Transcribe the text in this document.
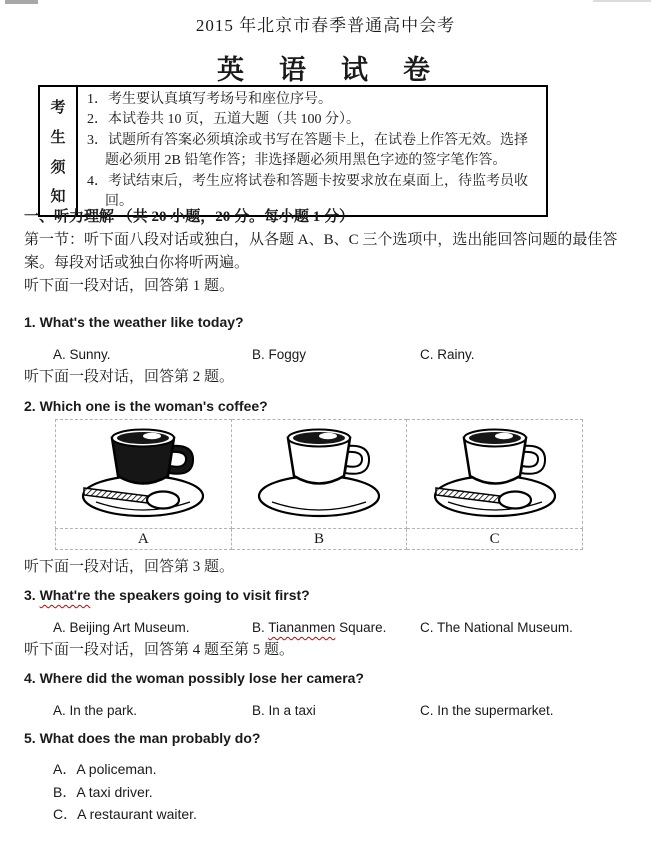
2015 年北京市春季普通高中会考
英　语　试　卷
考
生
须
知
1．考生要认真填写考场号和座位序号。
2．本试卷共 10 页，五道大题（共 100 分）。
3．试题所有答案必须填涂或书写在答题卡上，在试卷上作答无效。选择题必须用 2B 铅笔作答；非选择题必须用黑色字迹的签字笔作答。
4．考试结束后，考生应将试卷和答题卡按要求放在桌面上，待监考员收回。
一、听力理解 （共 20 小题，20 分。每小题 1 分）
第一节：听下面八段对话或独白，从各题 A、B、C 三个选项中，选出能回答问题的最佳答案。每段对话或独白你将听两遍。
听下面一段对话，回答第 1 题。
1. What's the weather like today?
A. Sunny.	B. Foggy	C. Rainy.
听下面一段对话，回答第 2 题。
2. Which one is the woman's coffee?

A	B	C
听下面一段对话，回答第 3 题。
3. What're the speakers going to visit first?
A. Beijing Art Museum.	B. Tiananmen Square.	C. The National Museum.
听下面一段对话，回答第 4 题至第 5 题。
4. Where did the woman possibly lose her camera?
A. In the park.	B. In a taxi	C. In the supermarket.
5. What does the man probably do?
A．A policeman.
B．A taxi driver.
C．A restaurant waiter.
